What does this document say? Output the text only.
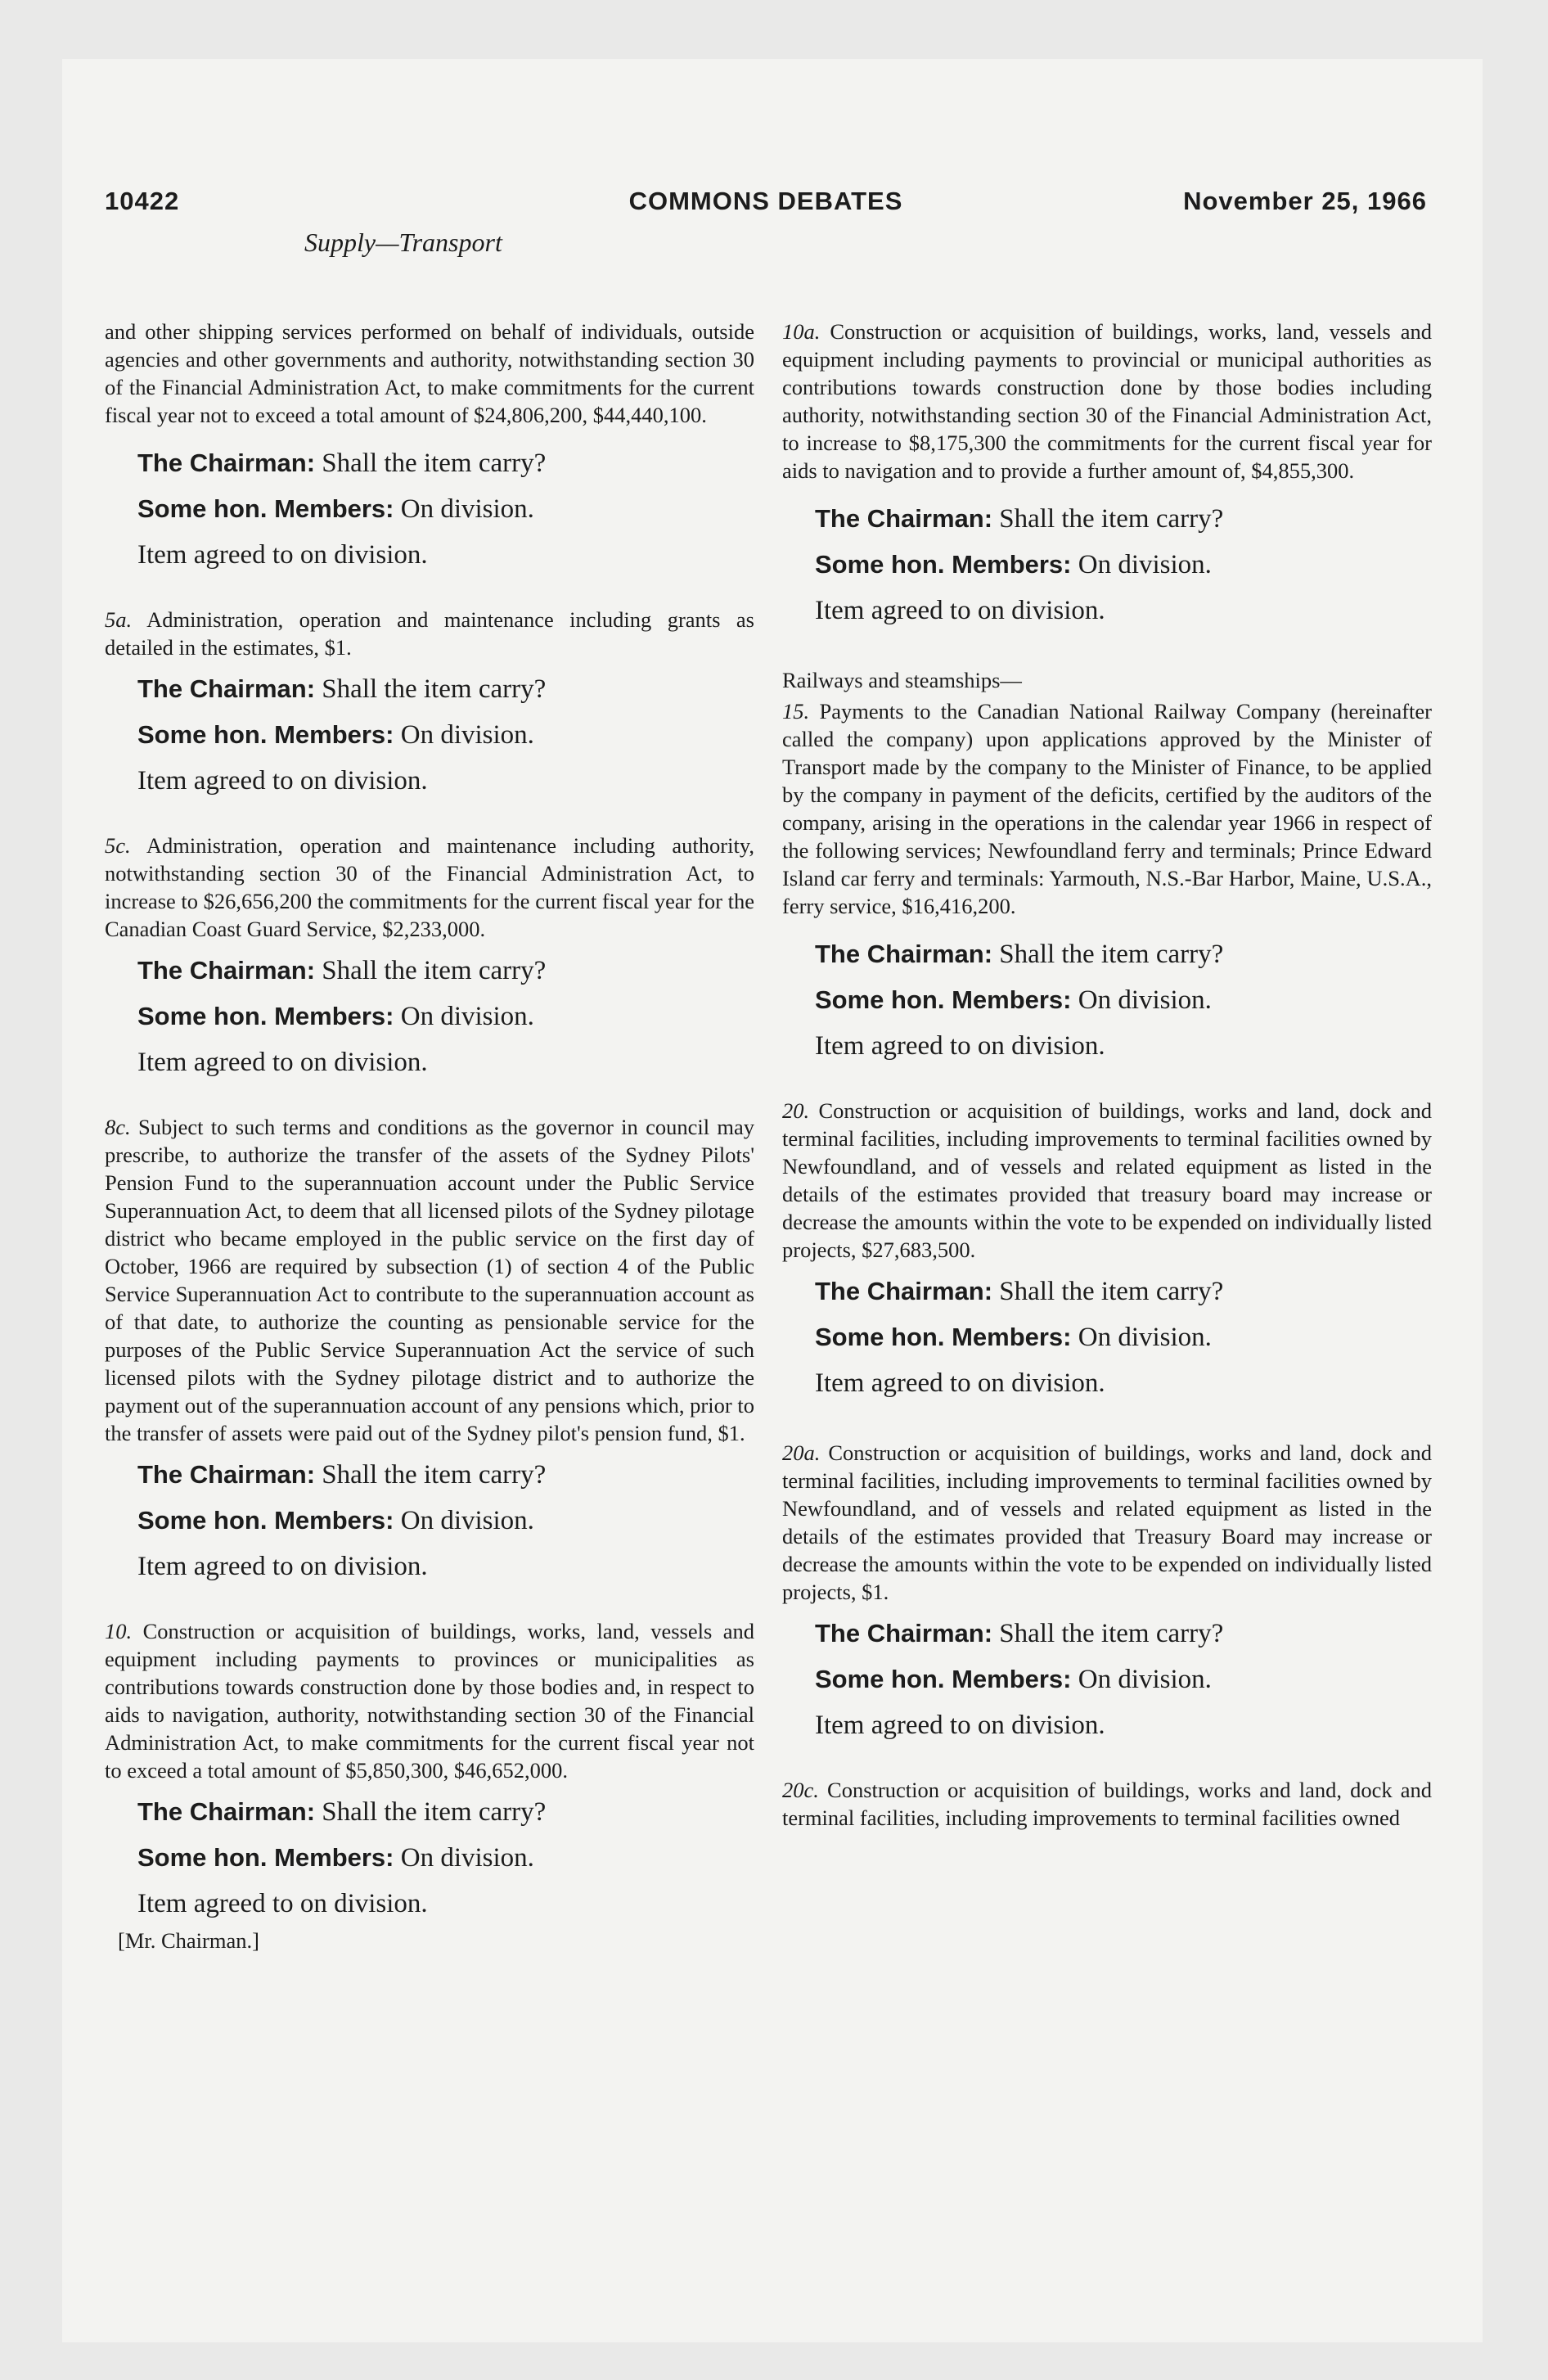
10422	COMMONS DEBATES	November 25, 1966
Supply—Transport

and other shipping services performed on behalf of individuals, outside agencies and other governments and authority, notwithstanding section 30 of the Financial Administration Act, to make commitments for the current fiscal year not to exceed a total amount of $24,806,200, $44,440,100.

The Chairman: Shall the item carry?
Some hon. Members: On division.
Item agreed to on division.

5a. Administration, operation and maintenance including grants as detailed in the estimates, $1.

The Chairman: Shall the item carry?
Some hon. Members: On division.
Item agreed to on division.

5c. Administration, operation and maintenance including authority, notwithstanding section 30 of the Financial Administration Act, to increase to $26,656,200 the commitments for the current fiscal year for the Canadian Coast Guard Service, $2,233,000.

The Chairman: Shall the item carry?
Some hon. Members: On division.
Item agreed to on division.

8c. Subject to such terms and conditions as the governor in council may prescribe, to authorize the transfer of the assets of the Sydney Pilots' Pension Fund to the superannuation account under the Public Service Superannuation Act, to deem that all licensed pilots of the Sydney pilotage district who became employed in the public service on the first day of October, 1966 are required by subsection (1) of section 4 of the Public Service Superannuation Act to contribute to the superannuation account as of that date, to authorize the counting as pensionable service for the purposes of the Public Service Superannuation Act the service of such licensed pilots with the Sydney pilotage district and to authorize the payment out of the superannuation account of any pensions which, prior to the transfer of assets were paid out of the Sydney pilot's pension fund, $1.

The Chairman: Shall the item carry?
Some hon. Members: On division.
Item agreed to on division.

10. Construction or acquisition of buildings, works, land, vessels and equipment including payments to provinces or municipalities as contributions towards construction done by those bodies and, in respect to aids to navigation, authority, notwithstanding section 30 of the Financial Administration Act, to make commitments for the current fiscal year not to exceed a total amount of $5,850,300, $46,652,000.

The Chairman: Shall the item carry?
Some hon. Members: On division.
Item agreed to on division.
[Mr. Chairman.]

10a. Construction or acquisition of buildings, works, land, vessels and equipment including payments to provincial or municipal authorities as contributions towards construction done by those bodies including authority, notwithstanding section 30 of the Financial Administration Act, to increase to $8,175,300 the commitments for the current fiscal year for aids to navigation and to provide a further amount of, $4,855,300.

The Chairman: Shall the item carry?
Some hon. Members: On division.
Item agreed to on division.

Railways and steamships—

15. Payments to the Canadian National Railway Company (hereinafter called the company) upon applications approved by the Minister of Transport made by the company to the Minister of Finance, to be applied by the company in payment of the deficits, certified by the auditors of the company, arising in the operations in the calendar year 1966 in respect of the following services; Newfoundland ferry and terminals; Prince Edward Island car ferry and terminals: Yarmouth, N.S.-Bar Harbor, Maine, U.S.A., ferry service, $16,416,200.

The Chairman: Shall the item carry?
Some hon. Members: On division.
Item agreed to on division.

20. Construction or acquisition of buildings, works and land, dock and terminal facilities, including improvements to terminal facilities owned by Newfoundland, and of vessels and related equipment as listed in the details of the estimates provided that treasury board may increase or decrease the amounts within the vote to be expended on individually listed projects, $27,683,500.

The Chairman: Shall the item carry?
Some hon. Members: On division.
Item agreed to on division.

20a. Construction or acquisition of buildings, works and land, dock and terminal facilities, including improvements to terminal facilities owned by Newfoundland, and of vessels and related equipment as listed in the details of the estimates provided that Treasury Board may increase or decrease the amounts within the vote to be expended on individually listed projects, $1.

The Chairman: Shall the item carry?
Some hon. Members: On division.
Item agreed to on division.

20c. Construction or acquisition of buildings, works and land, dock and terminal facilities, including improvements to terminal facilities owned
